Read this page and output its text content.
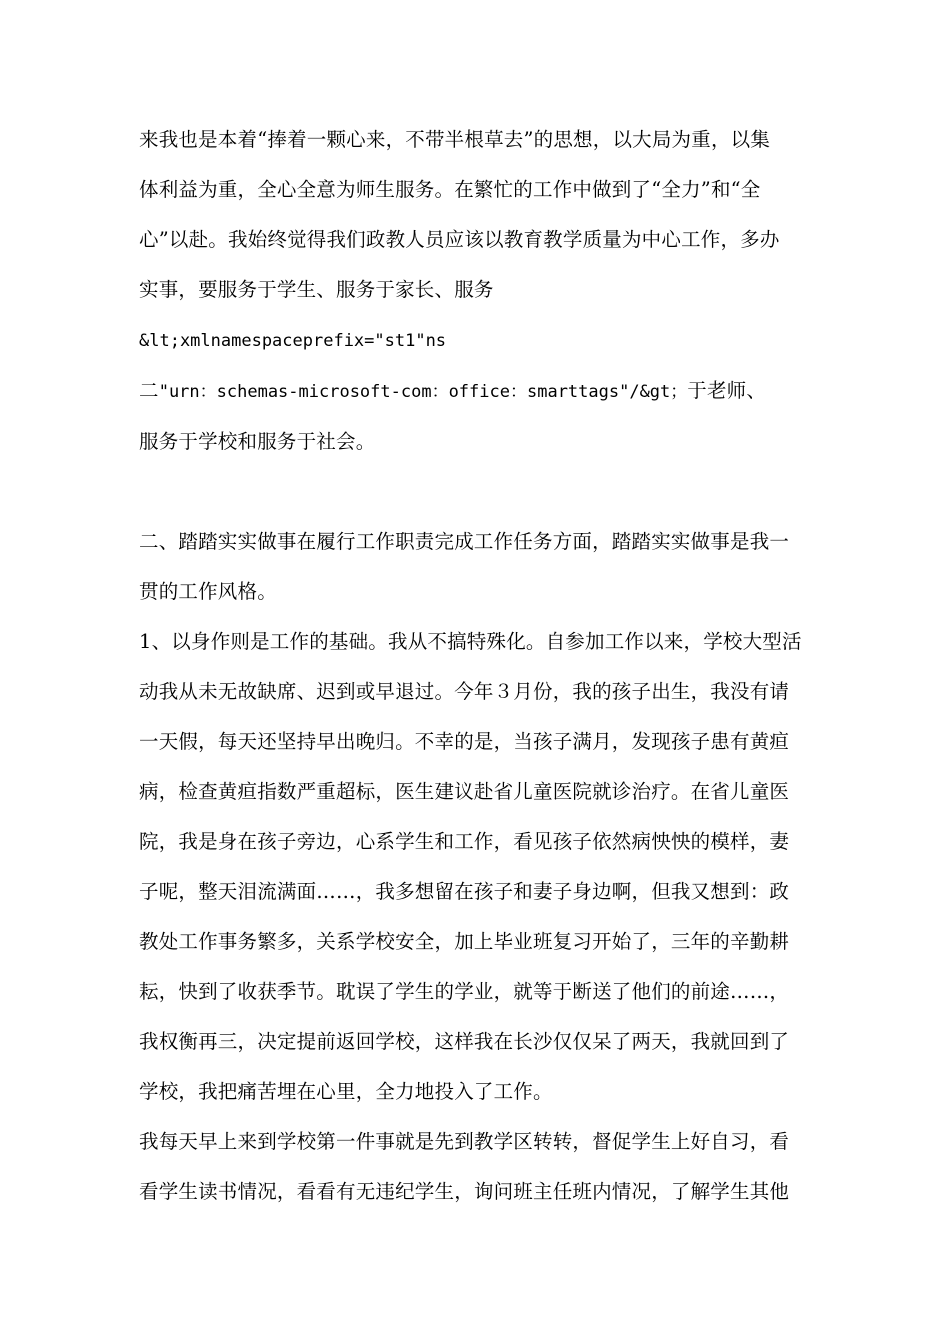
来我也是本着“捧着一颗心来，不带半根草去”的思想，以大局为重，以集

体利益为重，全心全意为师生服务。在繁忙的工作中做到了“全力”和“全

心”以赴。我始终觉得我们政教人员应该以教育教学质量为中心工作，多办

实事，要服务于学生、服务于家长、服务

&lt;xmlnamespaceprefix="st1"ns

二"urn：schemas-microsoft-com：office：smarttags"/&gt；于老师、

服务于学校和服务于社会。

二、踏踏实实做事在履行工作职责完成工作任务方面，踏踏实实做事是我一

贯的工作风格。

1、以身作则是工作的基础。我从不搞特殊化。自参加工作以来，学校大型活

动我从未无故缺席、迟到或早退过。今年３月份，我的孩子出生，我没有请

一天假，每天还坚持早出晚归。不幸的是，当孩子满月，发现孩子患有黄疸

病，检查黄疸指数严重超标，医生建议赴省儿童医院就诊治疗。在省儿童医

院，我是身在孩子旁边，心系学生和工作，看见孩子依然病怏怏的模样，妻

子呢，整天泪流满面……，我多想留在孩子和妻子身边啊，但我又想到：政

教处工作事务繁多，关系学校安全，加上毕业班复习开始了，三年的辛勤耕

耘，快到了收获季节。耽误了学生的学业，就等于断送了他们的前途……，

我权衡再三，决定提前返回学校，这样我在长沙仅仅呆了两天，我就回到了

学校，我把痛苦埋在心里，全力地投入了工作。

我每天早上来到学校第一件事就是先到教学区转转，督促学生上好自习，看

看学生读书情况，看看有无违纪学生，询问班主任班内情况，了解学生其他
